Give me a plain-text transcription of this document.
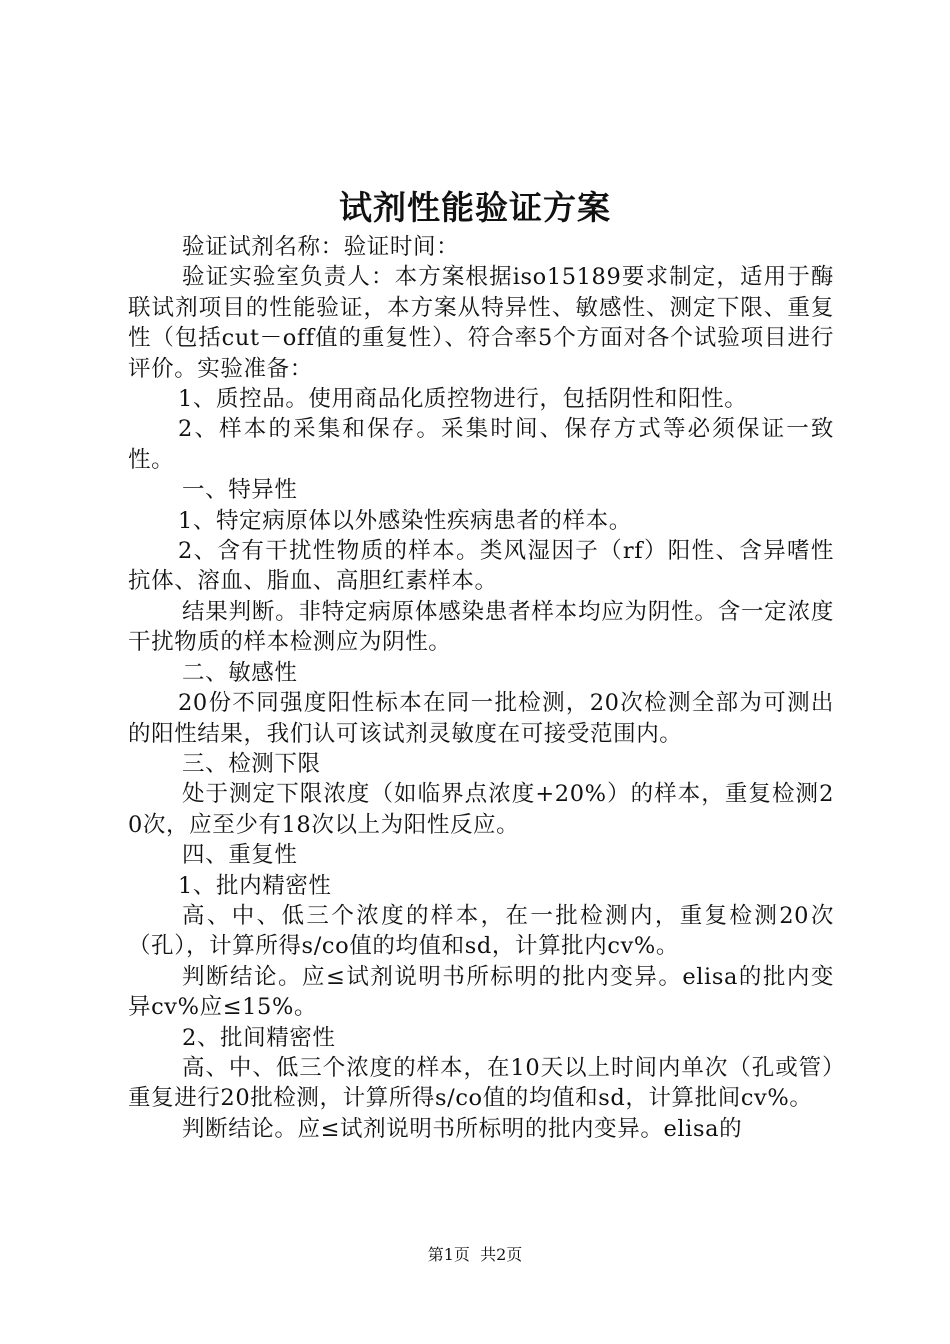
试剂性能验证方案

验证试剂名称：验证时间：

验证实验室负责人：本方案根据iso15189要求制定，适用于酶联试剂项目的性能验证，本方案从特异性、敏感性、测定下限、重复性（包括cut－off值的重复性）、符合率5个方面对各个试验项目进行评价。实验准备：

1、质控品。使用商品化质控物进行，包括阴性和阳性。

2、样本的采集和保存。采集时间、保存方式等必须保证一致性。

一、特异性

1、特定病原体以外感染性疾病患者的样本。

2、含有干扰性物质的样本。类风湿因子（rf）阳性、含异嗜性抗体、溶血、脂血、高胆红素样本。

结果判断。非特定病原体感染患者样本均应为阴性。含一定浓度干扰物质的样本检测应为阴性。

二、敏感性

20份不同强度阳性标本在同一批检测，20次检测全部为可测出的阳性结果，我们认可该试剂灵敏度在可接受范围内。

三、检测下限

处于测定下限浓度（如临界点浓度+20%）的样本，重复检测20次，应至少有18次以上为阳性反应。

四、重复性

1、批内精密性

高、中、低三个浓度的样本，在一批检测内，重复检测20次（孔），计算所得s/co值的均值和sd，计算批内cv%。

判断结论。应≤试剂说明书所标明的批内变异。elisa的批内变异cv%应≤15%。

2、批间精密性

高、中、低三个浓度的样本，在10天以上时间内单次（孔或管）重复进行20批检测，计算所得s/co值的均值和sd，计算批间cv%。

判断结论。应≤试剂说明书所标明的批内变异。elisa的

第1页 共2页
